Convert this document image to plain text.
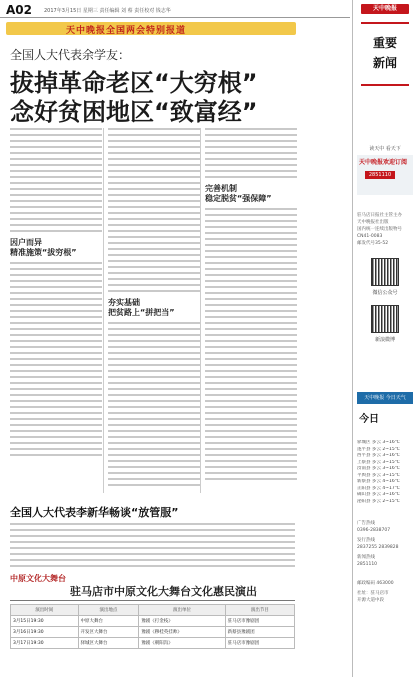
A02 2017年3月15日 星期三 责任编辑 刘 蔡 责任校对 钱志华
天中晚报全国两会特别报道
全国人大代表余学友：
拔掉革命老区“大穷根”
念好贫困地区“致富经”
因户而异
精准施策“拔穷根”
夯实基础
把贫路上“拼把当”
完善机制
稳定脱贫“强保障”
全国人大代表李新华畅谈“放管服”
中原文化大舞台
驻马店市中原文化大舞台文化惠民演出
演出时间	演出地点	演出单位	演出节目
3月15日19:30	中原大舞台	豫剧《打金枝》	驻马店市豫剧团
3月16日19:30	开发区大舞台	豫剧《穆桂英挂帅》	新蔡县豫剧团
3月17日19:30	驿城区大舞台	豫剧《朝阳沟》	驻马店市豫剧团
天中晚报
重要
新闻
读天中 看天下
天中晚报欢迎订阅
2851110
驻马店日报社主管主办
天中晚报社出版
国内统一连续出版物号
CN41-0083
邮发代号35-52
微信公众号
新浪微博
天中晚报 今日天气
今日
驿城区 多云 3~16℃
遂平县 多云 2~15℃
西平县 多云 3~16℃
上蔡县 多云 3~15℃
汝南县 多云 3~16℃
平舆县 多云 3~15℃
新蔡县 多云 4~16℃
正阳县 多云 4~17℃
确山县 多云 3~16℃
泌阳县 多云 2~15℃
广告热线
0396-2838707
发行热线
2837255 2839828
新闻热线
2851110
邮政编码 463000
社址：驻马店市
开源大道中段
